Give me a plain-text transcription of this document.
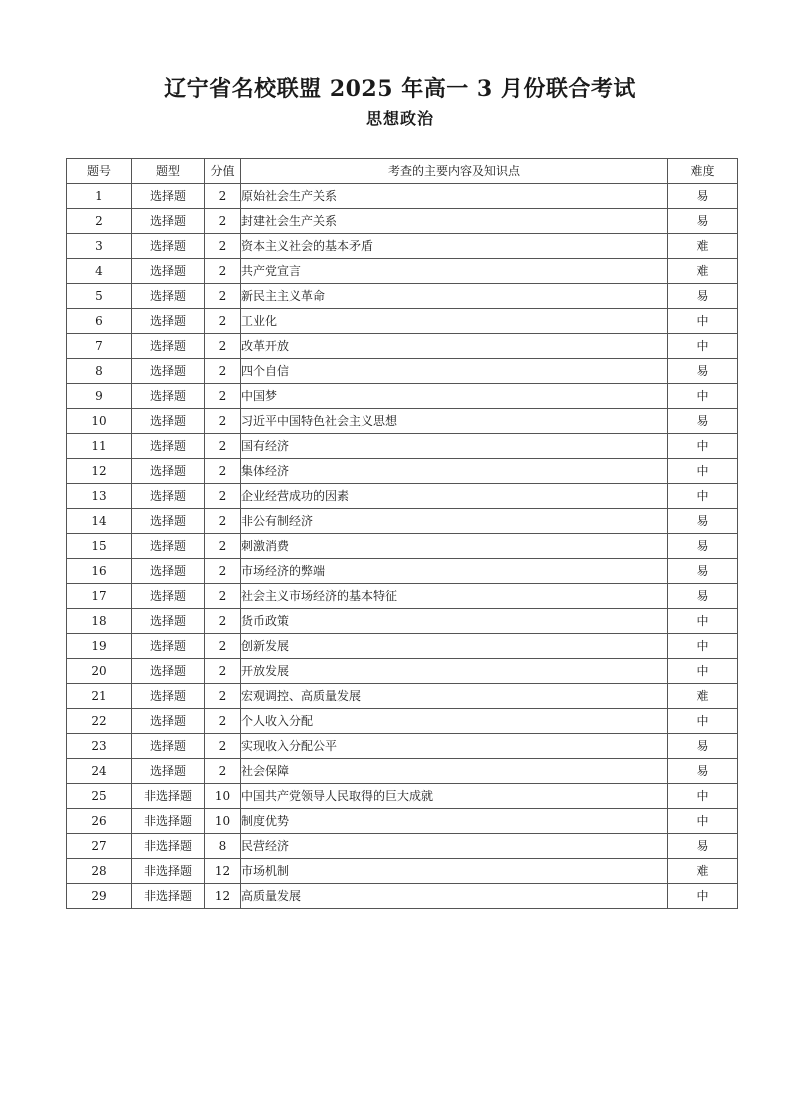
辽宁省名校联盟 2025 年高一 3 月份联合考试
思想政治
题号	题型	分值	考查的主要内容及知识点	难度
1	选择题	2	原始社会生产关系	易
2	选择题	2	封建社会生产关系	易
3	选择题	2	资本主义社会的基本矛盾	难
4	选择题	2	共产党宣言	难
5	选择题	2	新民主主义革命	易
6	选择题	2	工业化	中
7	选择题	2	改革开放	中
8	选择题	2	四个自信	易
9	选择题	2	中国梦	中
10	选择题	2	习近平中国特色社会主义思想	易
11	选择题	2	国有经济	中
12	选择题	2	集体经济	中
13	选择题	2	企业经营成功的因素	中
14	选择题	2	非公有制经济	易
15	选择题	2	刺激消费	易
16	选择题	2	市场经济的弊端	易
17	选择题	2	社会主义市场经济的基本特征	易
18	选择题	2	货币政策	中
19	选择题	2	创新发展	中
20	选择题	2	开放发展	中
21	选择题	2	宏观调控、高质量发展	难
22	选择题	2	个人收入分配	中
23	选择题	2	实现收入分配公平	易
24	选择题	2	社会保障	易
25	非选择题	10	中国共产党领导人民取得的巨大成就	中
26	非选择题	10	制度优势	中
27	非选择题	8	民营经济	易
28	非选择题	12	市场机制	难
29	非选择题	12	高质量发展	中
